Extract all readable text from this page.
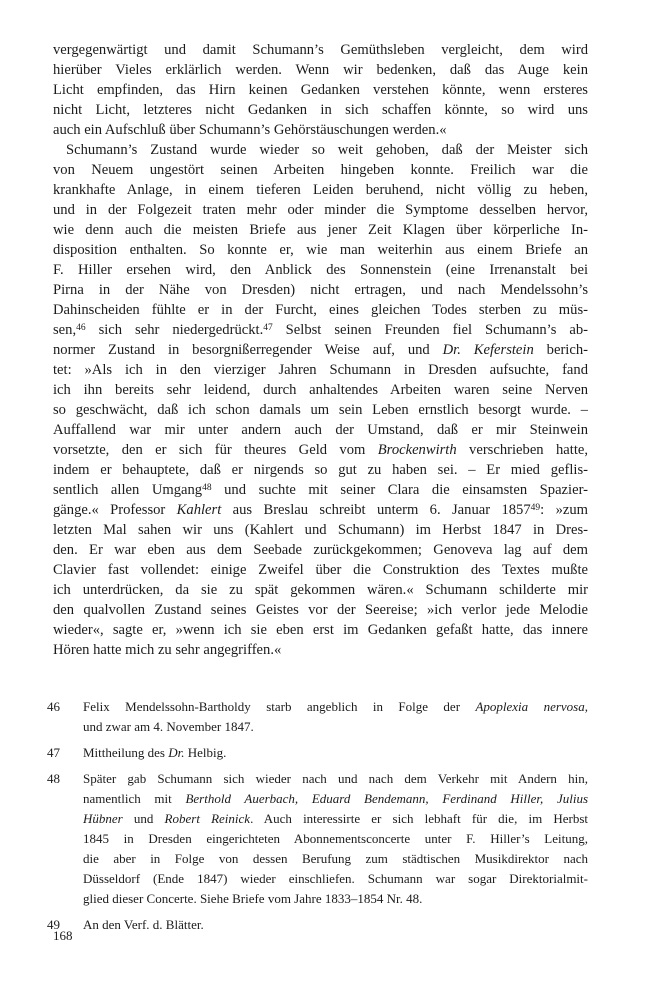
vergegenwärtigt und damit Schumann’s Gemüthsleben vergleicht, dem wird
hierüber Vieles erklärlich werden. Wenn wir bedenken, daß das Auge kein
Licht empfinden, das Hirn keinen Gedanken verstehen könnte, wenn ersteres
nicht Licht, letzteres nicht Gedanken in sich schaffen könnte, so wird uns
auch ein Aufschluß über Schumann’s Gehörstäuschungen werden.«
Schumann’s Zustand wurde wieder so weit gehoben, daß der Meister sich
von Neuem ungestört seinen Arbeiten hingeben konnte. Freilich war die
krankhafte Anlage, in einem tieferen Leiden beruhend, nicht völlig zu heben,
und in der Folgezeit traten mehr oder minder die Symptome desselben hervor,
wie denn auch die meisten Briefe aus jener Zeit Klagen über körperliche In-
disposition enthalten. So konnte er, wie man weiterhin aus einem Briefe an
F. Hiller ersehen wird, den Anblick des Sonnenstein (eine Irrenanstalt bei
Pirna in der Nähe von Dresden) nicht ertragen, und nach Mendelssohn’s
Dahinscheiden fühlte er in der Furcht, eines gleichen Todes sterben zu müs-
sen,$^{46}$ sich sehr niedergedrückt.$^{47}$ Selbst seinen Freunden fiel Schumann’s ab-
normer Zustand in besorgnißerregender Weise auf, und Dr. Keferstein berich-
tet: »Als ich in den vierziger Jahren Schumann in Dresden aufsuchte, fand
ich ihn bereits sehr leidend, durch anhaltendes Arbeiten waren seine Nerven
so geschwächt, daß ich schon damals um sein Leben ernstlich besorgt wurde. –
Auffallend war mir unter andern auch der Umstand, daß er mir Steinwein
vorsetzte, den er sich für theures Geld vom Brockenwirth verschrieben hatte,
indem er behauptete, daß er nirgends so gut zu haben sei. – Er mied geflis-
sentlich allen Umgang$^{48}$ und suchte mit seiner Clara die einsamsten Spazier-
gänge.« Professor Kahlert aus Breslau schreibt unterm 6. Januar 1857$^{49}$: »zum
letzten Mal sahen wir uns (Kahlert und Schumann) im Herbst 1847 in Dres-
den. Er war eben aus dem Seebade zurückgekommen; Genoveva lag auf dem
Clavier fast vollendet: einige Zweifel über die Construktion des Textes mußte
ich unterdrücken, da sie zu spät gekommen wären.« Schumann schilderte mir
den qualvollen Zustand seines Geistes vor der Seereise; »ich verlor jede Melodie
wieder«, sagte er, »wenn ich sie eben erst im Gedanken gefaßt hatte, das innere
Hören hatte mich zu sehr angegriffen.«
46 Felix Mendelssohn-Bartholdy starb angeblich in Folge der Apoplexia nervosa,
und zwar am 4. November 1847.
47 Mittheilung des Dr. Helbig.
48 Später gab Schumann sich wieder nach und nach dem Verkehr mit Andern hin,
namentlich mit Berthold Auerbach, Eduard Bendemann, Ferdinand Hiller, Julius
Hübner und Robert Reinick. Auch interessirte er sich lebhaft für die, im Herbst
1845 in Dresden eingerichteten Abonnementsconcerte unter F. Hiller’s Leitung,
die aber in Folge von dessen Berufung zum städtischen Musikdirektor nach
Düsseldorf (Ende 1847) wieder einschliefen. Schumann war sogar Direktorialmit-
glied dieser Concerte. Siehe Briefe vom Jahre 1833–1854 Nr. 48.
49 An den Verf. d. Blätter.
168
